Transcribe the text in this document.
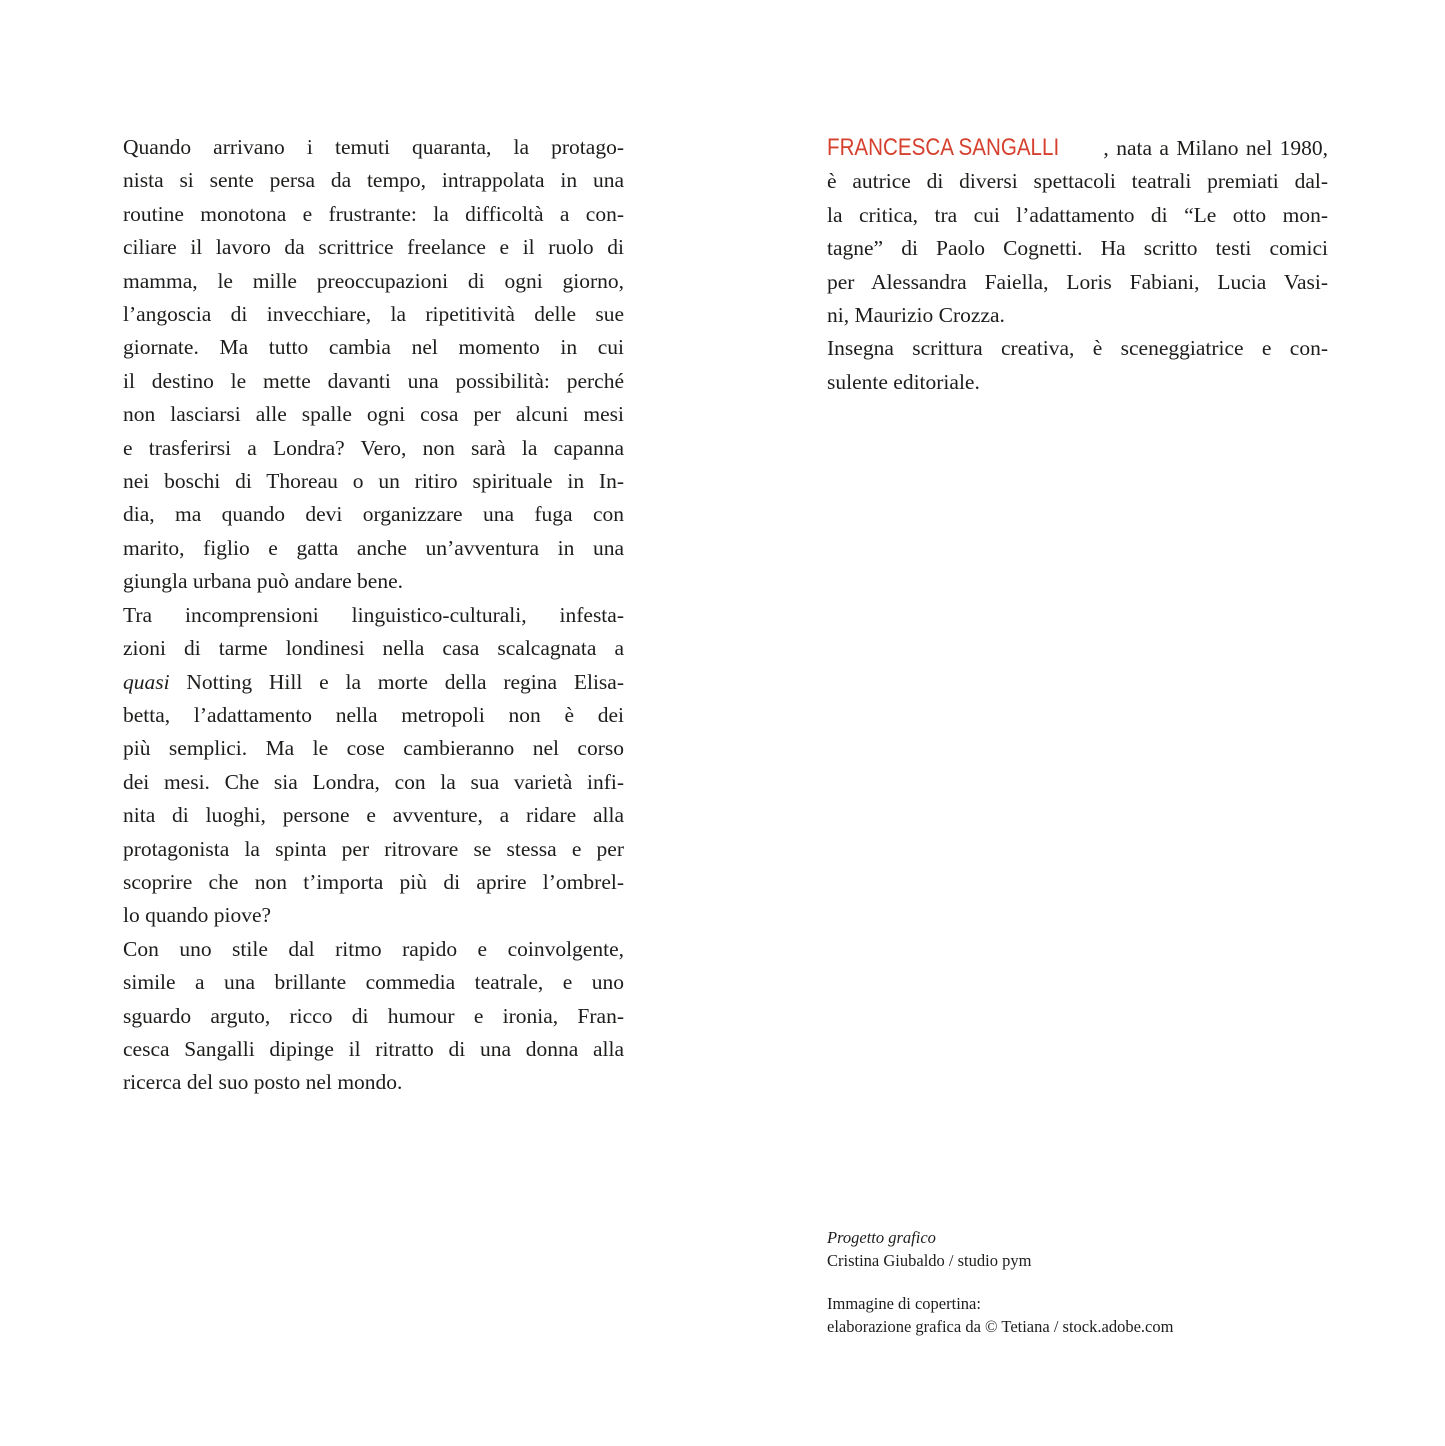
Quando arrivano i temuti quaranta, la protago-
nista si sente persa da tempo, intrappolata in una
routine monotona e frustrante: la difficoltà a con-
ciliare il lavoro da scrittrice freelance e il ruolo di
mamma, le mille preoccupazioni di ogni giorno,
l’angoscia di invecchiare, la ripetitività delle sue
giornate. Ma tutto cambia nel momento in cui
il destino le mette davanti una possibilità: perché
non lasciarsi alle spalle ogni cosa per alcuni mesi
e trasferirsi a Londra? Vero, non sarà la capanna
nei boschi di Thoreau o un ritiro spirituale in In-
dia, ma quando devi organizzare una fuga con
marito, figlio e gatta anche un’avventura in una
giungla urbana può andare bene.
Tra incomprensioni linguistico-culturali, infesta-
zioni di tarme londinesi nella casa scalcagnata a
quasi Notting Hill e la morte della regina Elisa-
betta, l’adattamento nella metropoli non è dei
più semplici. Ma le cose cambieranno nel corso
dei mesi. Che sia Londra, con la sua varietà infi-
nita di luoghi, persone e avventure, a ridare alla
protagonista la spinta per ritrovare se stessa e per
scoprire che non t’importa più di aprire l’ombrel-
lo quando piove?
Con uno stile dal ritmo rapido e coinvolgente,
simile a una brillante commedia teatrale, e uno
sguardo arguto, ricco di humour e ironia, Fran-
cesca Sangalli dipinge il ritratto di una donna alla
ricerca del suo posto nel mondo.
FRANCESCA SANGALLI , nata a Milano nel 1980,
è autrice di diversi spettacoli teatrali premiati dal-
la critica, tra cui l’adattamento di “Le otto mon-
tagne” di Paolo Cognetti. Ha scritto testi comici
per Alessandra Faiella, Loris Fabiani, Lucia Vasi-
ni, Maurizio Crozza.
Insegna scrittura creativa, è sceneggiatrice e con-
sulente editoriale.
Progetto grafico
Cristina Giubaldo / studio pym
Immagine di copertina:
elaborazione grafica da © Tetiana / stock.adobe.com
